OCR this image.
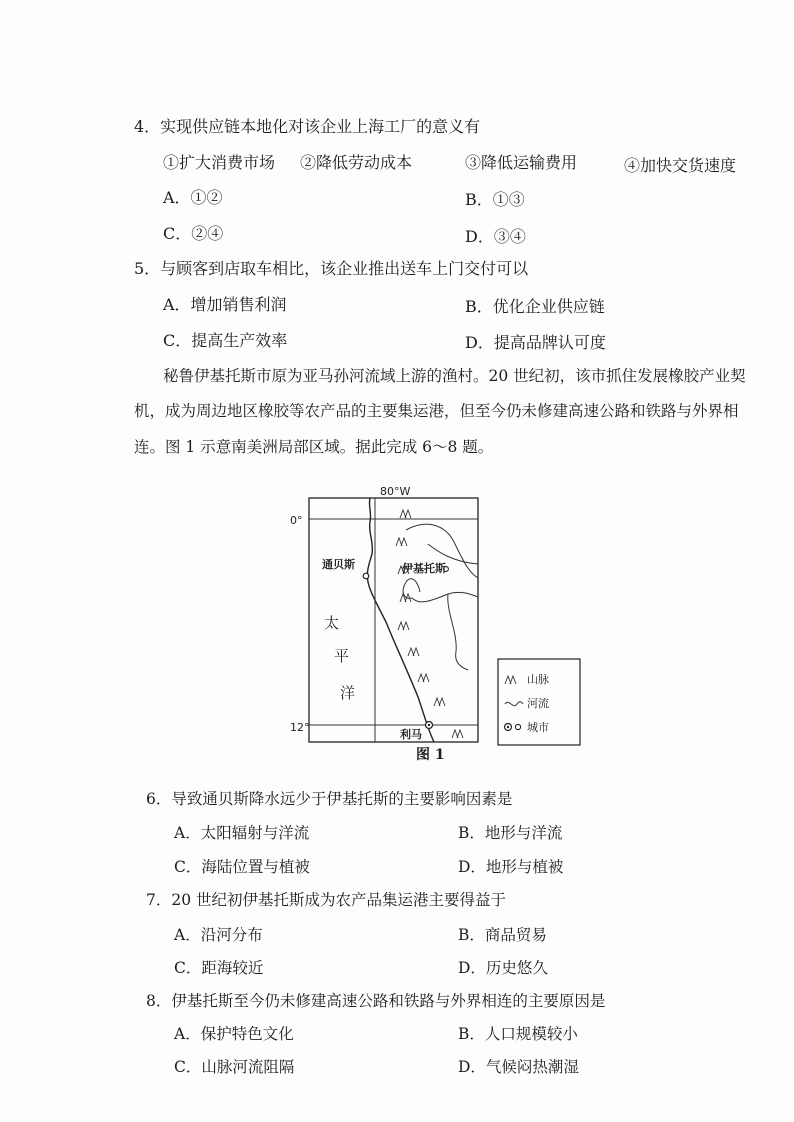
4．实现供应链本地化对该企业上海工厂的意义有
①扩大消费市场 ②降低劳动成本	③降低运输费用	④加快交货速度
A．①②	B．①③
C．②④	D．③④
5．与顾客到店取车相比，该企业推出送车上门交付可以
A．增加销售利润	B．优化企业供应链
C．提高生产效率	D．提高品牌认可度
秘鲁伊基托斯市原为亚马孙河流域上游的渔村。20 世纪初，该市抓住发展橡胶产业契
机，成为周边地区橡胶等农产品的主要集运港，但至今仍未修建高速公路和铁路与外界相
连。图 1 示意南美洲局部区域。据此完成 6～8 题。
80°W
0°
12°
通贝斯	伊基托斯
利马
太
平
洋
山脉
河流
城市
图 1
6．导致通贝斯降水远少于伊基托斯的主要影响因素是
A．太阳辐射与洋流	B．地形与洋流
C．海陆位置与植被	D．地形与植被
7．20 世纪初伊基托斯成为农产品集运港主要得益于
A．沿河分布	B．商品贸易
C．距海较近	D．历史悠久
8．伊基托斯至今仍未修建高速公路和铁路与外界相连的主要原因是
A．保护特色文化	B．人口规模较小
C．山脉河流阻隔	D．气候闷热潮湿
